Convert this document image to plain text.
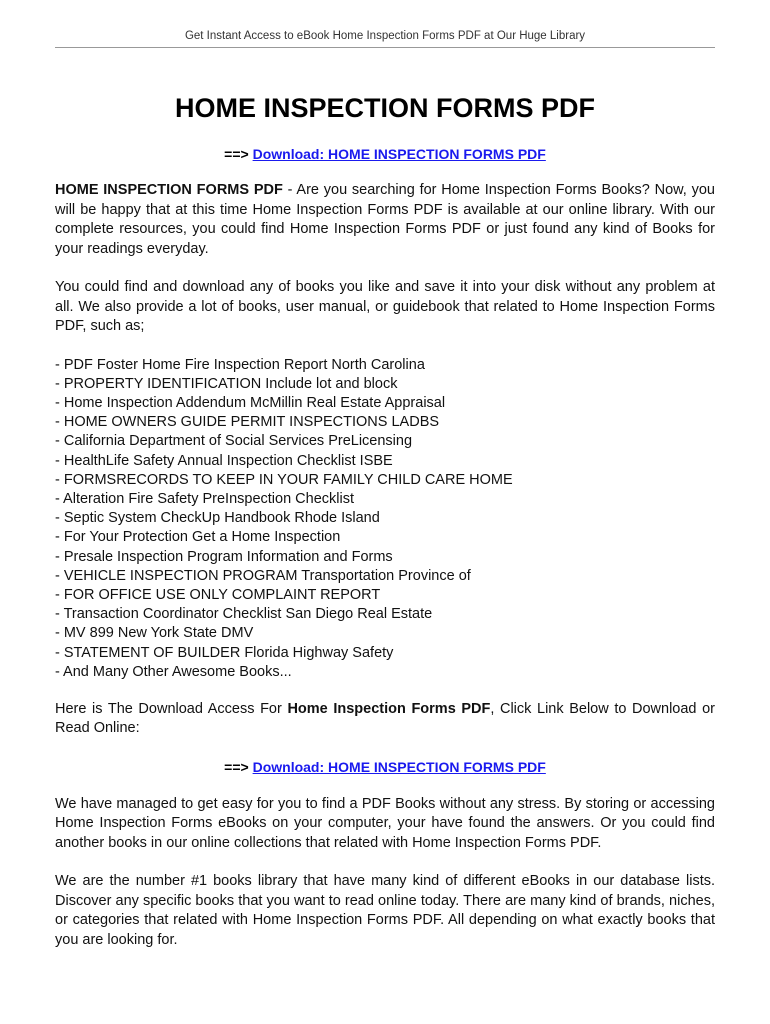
Get Instant Access to eBook Home Inspection Forms PDF at Our Huge Library
HOME INSPECTION FORMS PDF
==> Download: HOME INSPECTION FORMS PDF

HOME INSPECTION FORMS PDF - Are you searching for Home Inspection Forms Books? Now, you will be happy that at this time Home Inspection Forms PDF is available at our online library. With our complete resources, you could find Home Inspection Forms PDF or just found any kind of Books for your readings everyday.

You could find and download any of books you like and save it into your disk without any problem at all. We also provide a lot of books, user manual, or guidebook that related to Home Inspection Forms PDF, such as;

- PDF Foster Home Fire Inspection Report North Carolina
- PROPERTY IDENTIFICATION Include lot and block
- Home Inspection Addendum McMillin Real Estate Appraisal
- HOME OWNERS GUIDE PERMIT INSPECTIONS LADBS
- California Department of Social Services PreLicensing
- HealthLife Safety Annual Inspection Checklist ISBE
- FORMSRECORDS TO KEEP IN YOUR FAMILY CHILD CARE HOME
- Alteration Fire Safety PreInspection Checklist
- Septic System CheckUp Handbook Rhode Island
- For Your Protection Get a Home Inspection
- Presale Inspection Program Information and Forms
- VEHICLE INSPECTION PROGRAM Transportation Province of
- FOR OFFICE USE ONLY COMPLAINT REPORT
- Transaction Coordinator Checklist San Diego Real Estate
- MV 899 New York State DMV
- STATEMENT OF BUILDER Florida Highway Safety
- And Many Other Awesome Books...

Here is The Download Access For Home Inspection Forms PDF, Click Link Below to Download or Read Online:

==> Download: HOME INSPECTION FORMS PDF

We have managed to get easy for you to find a PDF Books without any stress. By storing or accessing Home Inspection Forms eBooks on your computer, your have found the answers. Or you could find another books in our online collections that related with Home Inspection Forms PDF.

We are the number #1 books library that have many kind of different eBooks in our database lists. Discover any specific books that you want to read online today. There are many kind of brands, niches, or categories that related with Home Inspection Forms PDF. All depending on what exactly books that you are looking for.
